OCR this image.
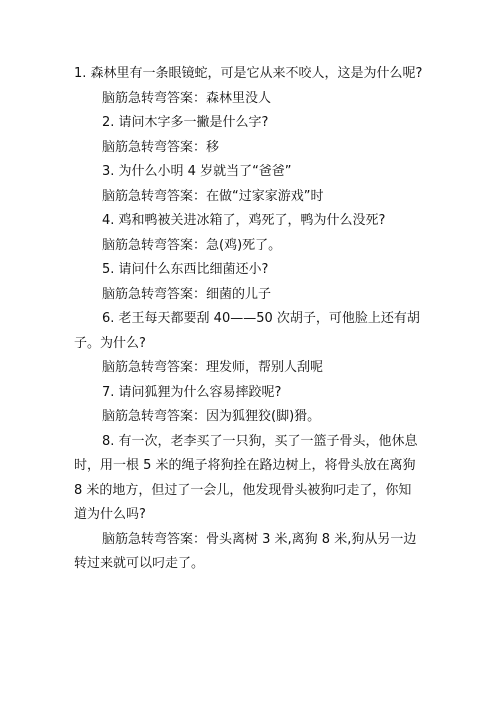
1. 森林里有一条眼镜蛇，可是它从来不咬人，这是为什么呢?

脑筋急转弯答案：森林里没人

2. 请问木字多一撇是什么字?

脑筋急转弯答案：移

3. 为什么小明 4 岁就当了“爸爸”

脑筋急转弯答案：在做“过家家游戏”时

4. 鸡和鸭被关进冰箱了，鸡死了，鸭为什么没死?

脑筋急转弯答案：急(鸡)死了。

5. 请问什么东西比细菌还小?

脑筋急转弯答案：细菌的儿子

6. 老王每天都要刮 40——50 次胡子，可他脸上还有胡子。为什么?

脑筋急转弯答案：理发师，帮别人刮呢

7. 请问狐狸为什么容易摔跤呢?

脑筋急转弯答案：因为狐狸狡(脚)猾。

8. 有一次，老李买了一只狗，买了一篮子骨头，他休息时，用一根 5 米的绳子将狗拴在路边树上，将骨头放在离狗 8 米的地方，但过了一会儿，他发现骨头被狗叼走了，你知道为什么吗?

脑筋急转弯答案：骨头离树 3 米,离狗 8 米,狗从另一边转过来就可以叼走了。
